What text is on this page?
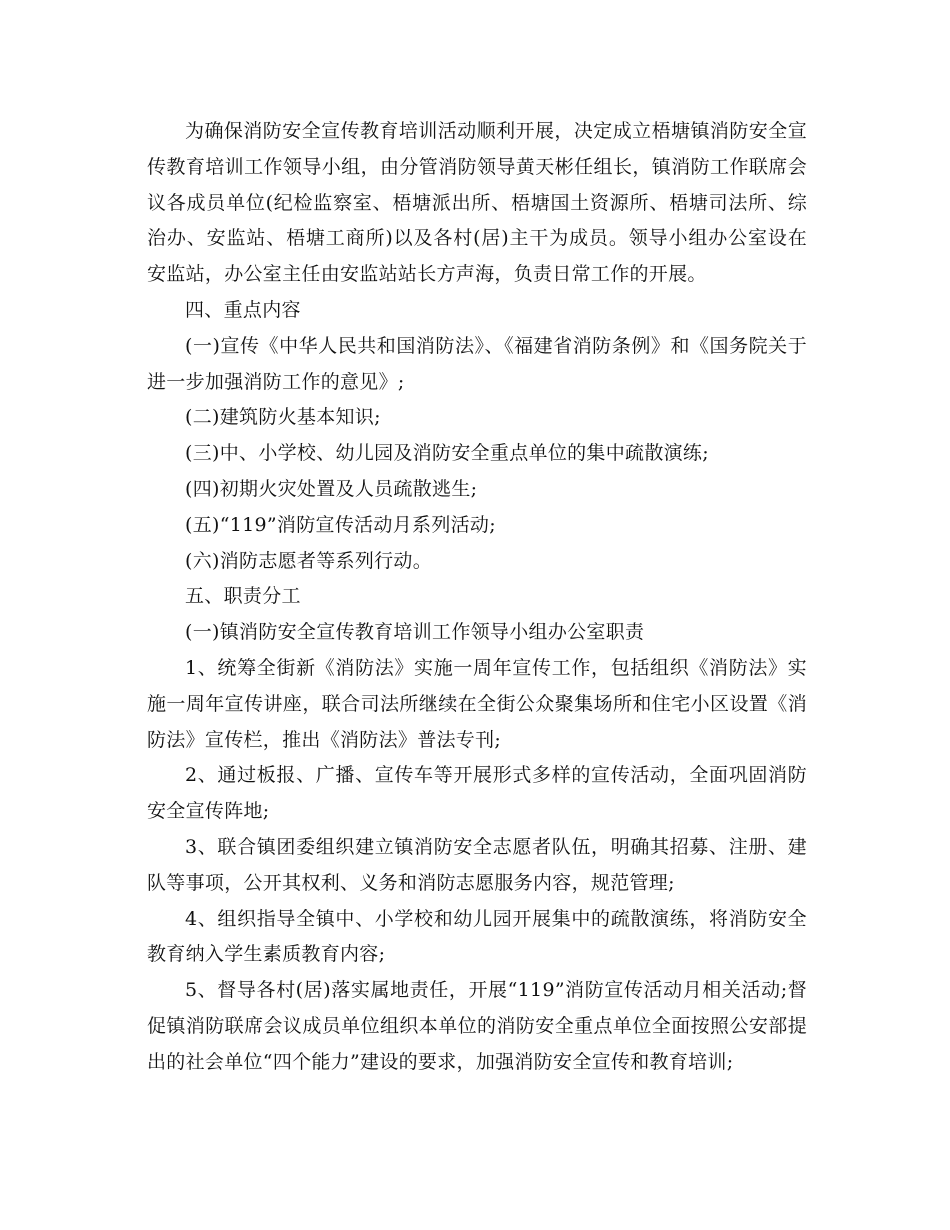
为确保消防安全宣传教育培训活动顺利开展，决定成立梧塘镇消防安全宣传教育培训工作领导小组，由分管消防领导黄天彬任组长，镇消防工作联席会议各成员单位(纪检监察室、梧塘派出所、梧塘国土资源所、梧塘司法所、综治办、安监站、梧塘工商所)以及各村(居)主干为成员。领导小组办公室设在安监站，办公室主任由安监站站长方声海，负责日常工作的开展。

四、重点内容

(一)宣传《中华人民共和国消防法》、《福建省消防条例》和《国务院关于进一步加强消防工作的意见》;

(二)建筑防火基本知识;

(三)中、小学校、幼儿园及消防安全重点单位的集中疏散演练;

(四)初期火灾处置及人员疏散逃生;

(五)“119”消防宣传活动月系列活动;

(六)消防志愿者等系列行动。

五、职责分工

(一)镇消防安全宣传教育培训工作领导小组办公室职责

1、统筹全街新《消防法》实施一周年宣传工作，包括组织《消防法》实施一周年宣传讲座，联合司法所继续在全街公众聚集场所和住宅小区设置《消防法》宣传栏，推出《消防法》普法专刊;

2、通过板报、广播、宣传车等开展形式多样的宣传活动，全面巩固消防安全宣传阵地;

3、联合镇团委组织建立镇消防安全志愿者队伍，明确其招募、注册、建队等事项，公开其权利、义务和消防志愿服务内容，规范管理;

4、组织指导全镇中、小学校和幼儿园开展集中的疏散演练，将消防安全教育纳入学生素质教育内容;

5、督导各村(居)落实属地责任，开展“119”消防宣传活动月相关活动;督促镇消防联席会议成员单位组织本单位的消防安全重点单位全面按照公安部提出的社会单位“四个能力”建设的要求，加强消防安全宣传和教育培训;
